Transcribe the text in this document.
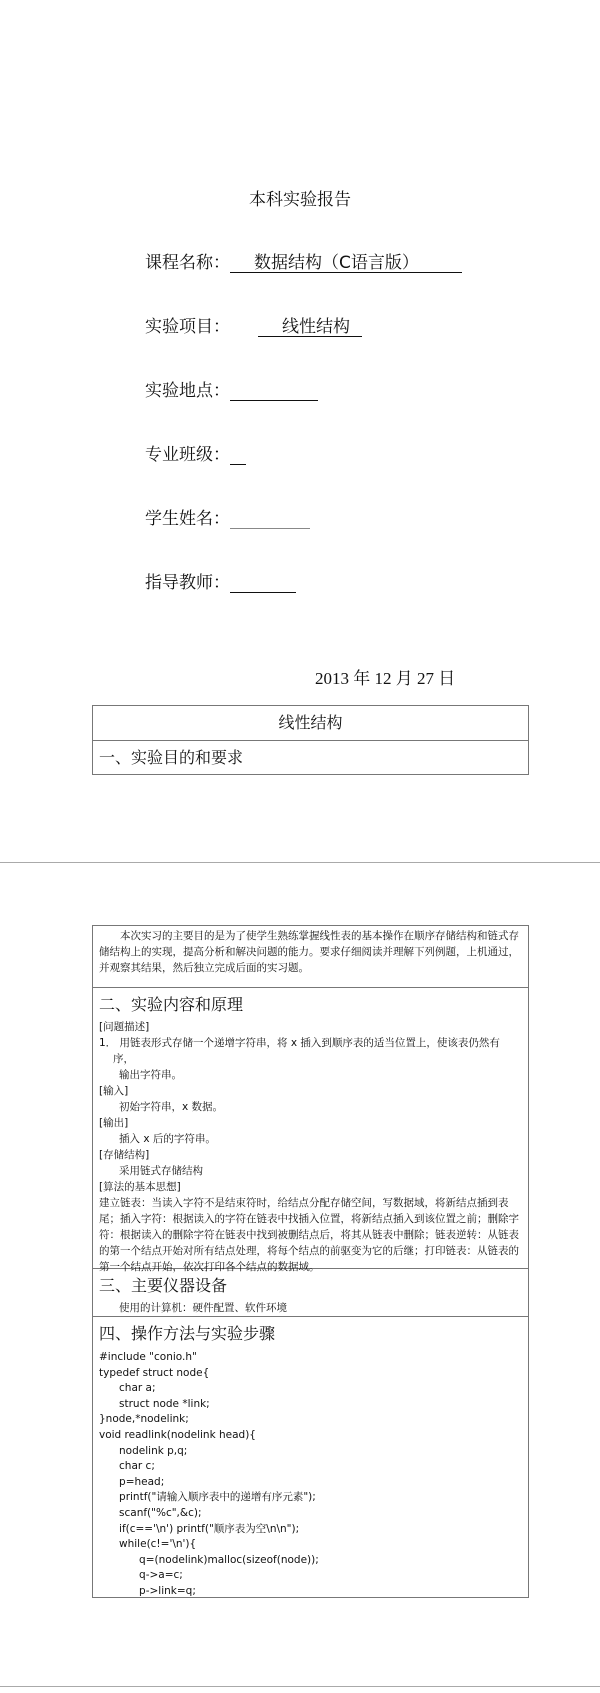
本科实验报告
课程名称： 数据结构（C语言版）
实验项目：	线性结构
实验地点：
专业班级：
学生姓名：
指导教师：
2013 年 12 月 27 日
线性结构
一、实验目的和要求
本次实习的主要目的是为了使学生熟练掌握线性表的基本操作在顺序存储结构和链式存储结构上的实现，提高分析和解决问题的能力。要求仔细阅读并理解下列例题，上机通过，并观察其结果，然后独立完成后面的实习题。
二、实验内容和原理
[问题描述]
1． 用链表形式存储一个递增字符串，将 x 插入到顺序表的适当位置上，使该表仍然有
序，
输出字符串。
[输入]
初始字符串，x 数据。
[输出]
插入 x 后的字符串。
[存储结构]
采用链式存储结构
[算法的基本思想]
建立链表：当读入字符不是结束符时，给结点分配存储空间，写数据域，将新结点插到表尾；插入字符：根据读入的字符在链表中找插入位置，将新结点插入到该位置之前；删除字符：根据读入的删除字符在链表中找到被删结点后，将其从链表中删除；链表逆转：从链表的第一个结点开始对所有结点处理，将每个结点的前驱变为它的后继；打印链表：从链表的第一个结点开始，依次打印各个结点的数据域。
三、主要仪器设备
使用的计算机：硬件配置、软件环境
四、操作方法与实验步骤
#include "conio.h"
typedef struct node{
char a;
struct node *link;
}node,*nodelink;
void readlink(nodelink head){
nodelink p,q;
char c;
p=head;
printf("请输入顺序表中的递增有序元素");
scanf("%c",&c);
if(c=='\n') printf("顺序表为空\n\n");
while(c!='\n'){
q=(nodelink)malloc(sizeof(node));
q->a=c;
p->link=q;
